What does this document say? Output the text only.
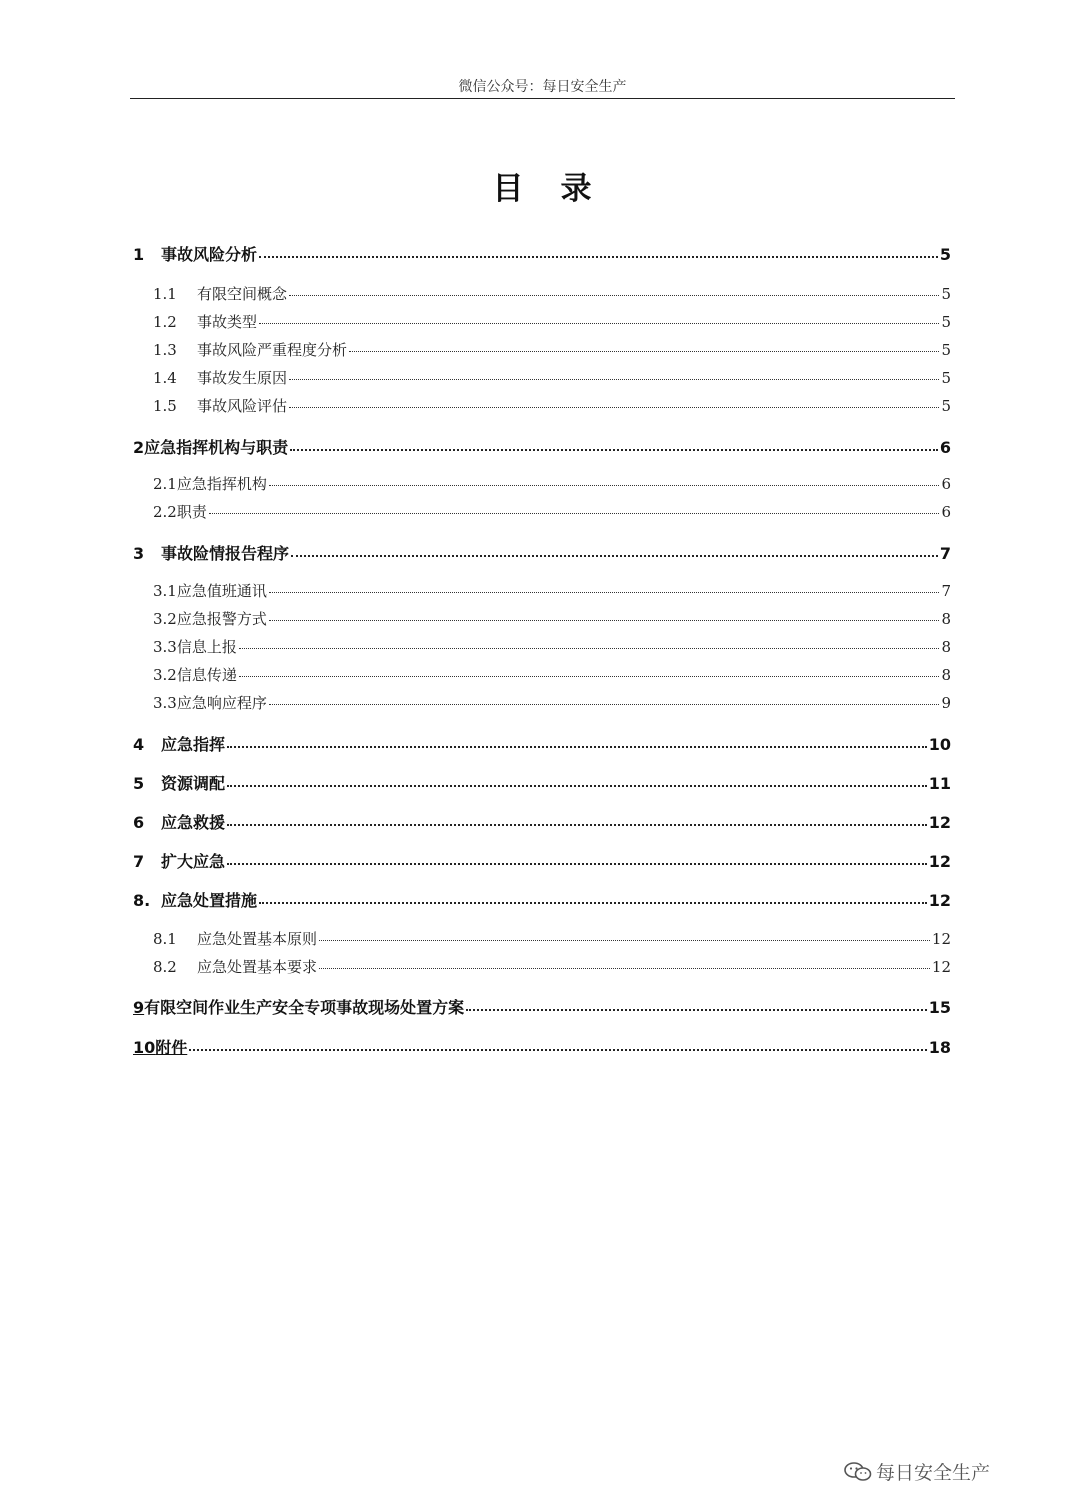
微信公众号：每日安全生产
目 录
1 事故风险分析	5
1.1 有限空间概念	5
1.2 事故类型	5
1.3 事故风险严重程度分析	5
1.4 事故发生原因	5
1.5 事故风险评估	5
2应急指挥机构与职责	6
2.1应急指挥机构	6
2.2职责	6
3 事故险情报告程序	7
3.1应急值班通讯	7
3.2应急报警方式	8
3.3信息上报	8
3.2信息传递	8
3.3应急响应程序	9
4 应急指挥	10
5 资源调配	11
6 应急救援	12
7 扩大应急	12
8. 应急处置措施	12
8.1 应急处置基本原则	12
8.2 应急处置基本要求	12
9有限空间作业生产安全专项事故现场处置方案	15
10附件	18
每日安全生产
